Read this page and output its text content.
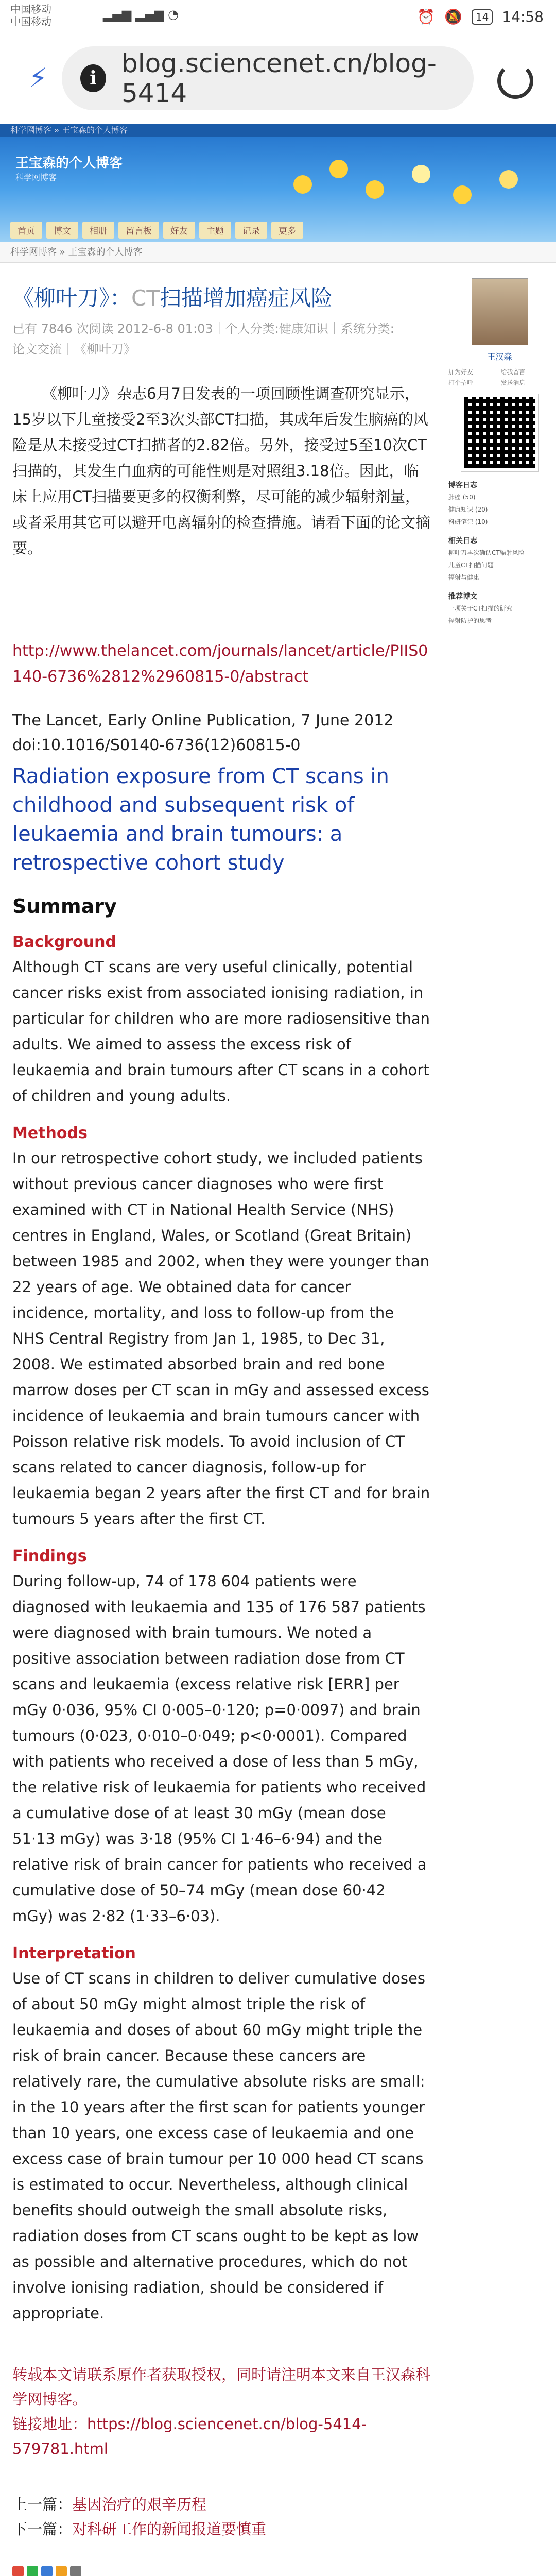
中国移动
中国移动	▂▄▆ ▂▄▆ ◔	⏰ 🔕	14 14:58
⚡	i blog.sciencenet.cn/blog-5414
科学网博客 » 王宝森的个人博客
王宝森的个人博客
科学网博客
首页	博文	相册	留言板	好友	主题	记录	更多
科学网博客 » 王宝森的个人博客
《柳叶刀》：CT扫描增加癌症风险
已有 7846 次阅读 2012-6-8 01:03｜个人分类:健康知识｜系统分类:
论文交流｜《柳叶刀》

《柳叶刀》杂志6月7日发表的一项回顾性调查研究显示，15岁以下儿童接受2至3次头部CT扫描，其成年后发生脑癌的风险是从未接受过CT扫描者的2.82倍。另外，接受过5至10次CT扫描的，其发生白血病的可能性则是对照组3.18倍。因此，临床上应用CT扫描要更多的权衡利弊，尽可能的减少辐射剂量，或者采用其它可以避开电离辐射的检查措施。请看下面的论文摘要。

http://www.thelancet.com/journals/lancet/article/PIIS0140-6736%2812%2960815-0/abstract
The Lancet, Early Online Publication, 7 June 2012
doi:10.1016/S0140-6736(12)60815-0
Radiation exposure from CT scans in childhood and subsequent risk of leukaemia and brain tumours: a retrospective cohort study
Summary
Background

Although CT scans are very useful clinically, potential cancer risks exist from associated ionising radiation, in particular for children who are more radiosensitive than adults. We aimed to assess the excess risk of leukaemia and brain tumours after CT scans in a cohort of children and young adults.

Methods

In our retrospective cohort study, we included patients without previous cancer diagnoses who were first examined with CT in National Health Service (NHS) centres in England, Wales, or Scotland (Great Britain) between 1985 and 2002, when they were younger than 22 years of age. We obtained data for cancer incidence, mortality, and loss to follow-up from the NHS Central Registry from Jan 1, 1985, to Dec 31, 2008. We estimated absorbed brain and red bone marrow doses per CT scan in mGy and assessed excess incidence of leukaemia and brain tumours cancer with Poisson relative risk models. To avoid inclusion of CT scans related to cancer diagnosis, follow-up for leukaemia began 2 years after the first CT and for brain tumours 5 years after the first CT.

Findings

During follow-up, 74 of 178 604 patients were diagnosed with leukaemia and 135 of 176 587 patients were diagnosed with brain tumours. We noted a positive association between radiation dose from CT scans and leukaemia (excess relative risk [ERR] per mGy 0·036, 95% CI 0·005–0·120; p=0·0097) and brain tumours (0·023, 0·010–0·049; p<0·0001). Compared with patients who received a dose of less than 5 mGy, the relative risk of leukaemia for patients who received a cumulative dose of at least 30 mGy (mean dose 51·13 mGy) was 3·18 (95% CI 1·46–6·94) and the relative risk of brain cancer for patients who received a cumulative dose of 50–74 mGy (mean dose 60·42 mGy) was 2·82 (1·33–6·03).

Interpretation

Use of CT scans in children to deliver cumulative doses of about 50 mGy might almost triple the risk of leukaemia and doses of about 60 mGy might triple the risk of brain cancer. Because these cancers are relatively rare, the cumulative absolute risks are small: in the 10 years after the first scan for patients younger than 10 years, one excess case of leukaemia and one excess case of brain tumour per 10 000 head CT scans is estimated to occur. Nevertheless, although clinical benefits should outweigh the small absolute risks, radiation doses from CT scans ought to be kept as low as possible and alternative procedures, which do not involve ionising radiation, should be considered if appropriate.

转载本文请联系原作者获取授权，同时请注明本文来自王汉森科学网博客。
链接地址：https://blog.sciencenet.cn/blog-5414-579781.html
上一篇：基因治疗的艰辛历程
下一篇：对科研工作的新闻报道要慎重
王汉森
加为好友	给我留言
打个招呼	发送消息
博客日志
肺癌 (50)
健康知识 (20)
科研笔记 (10)
相关日志
柳叶刀再次确认CT辐射风险
儿童CT扫描问题
辐射与健康
推荐博文
一项关于CT扫描的研究
辐射防护的思考
